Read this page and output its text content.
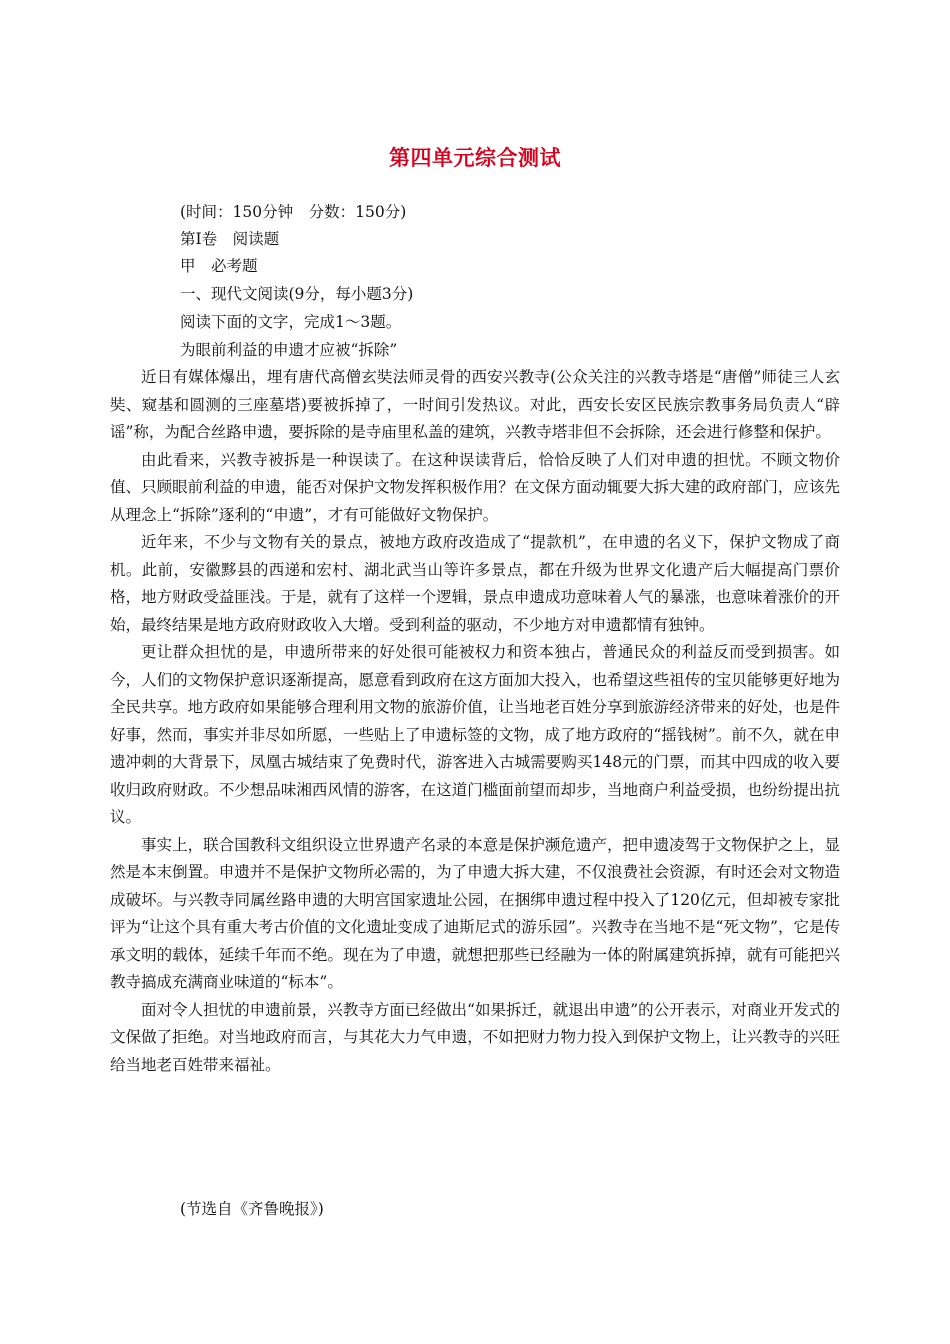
第四单元综合测试
(时间：150分钟　分数：150分)
第Ⅰ卷　阅读题
甲　必考题
一、现代文阅读(9分，每小题3分)
阅读下面的文字，完成1～3题。
为眼前利益的申遗才应被“拆除”

近日有媒体爆出，埋有唐代高僧玄奘法师灵骨的西安兴教寺(公众关注的兴教寺塔是“唐僧”师徒三人玄奘、窥基和圆测的三座墓塔)要被拆掉了，一时间引发热议。对此，西安长安区民族宗教事务局负责人“辟谣”称，为配合丝路申遗，要拆除的是寺庙里私盖的建筑，兴教寺塔非但不会拆除，还会进行修整和保护。

由此看来，兴教寺被拆是一种误读了。在这种误读背后，恰恰反映了人们对申遗的担忧。不顾文物价值、只顾眼前利益的申遗，能否对保护文物发挥积极作用？在文保方面动辄要大拆大建的政府部门，应该先从理念上“拆除”逐利的“申遗”，才有可能做好文物保护。

近年来，不少与文物有关的景点，被地方政府改造成了“提款机”，在申遗的名义下，保护文物成了商机。此前，安徽黟县的西递和宏村、湖北武当山等许多景点，都在升级为世界文化遗产后大幅提高门票价格，地方财政受益匪浅。于是，就有了这样一个逻辑，景点申遗成功意味着人气的暴涨，也意味着涨价的开始，最终结果是地方政府财政收入大增。受到利益的驱动，不少地方对申遗都情有独钟。

更让群众担忧的是，申遗所带来的好处很可能被权力和资本独占，普通民众的利益反而受到损害。如今，人们的文物保护意识逐渐提高，愿意看到政府在这方面加大投入，也希望这些祖传的宝贝能够更好地为全民共享。地方政府如果能够合理利用文物的旅游价值，让当地老百姓分享到旅游经济带来的好处，也是件好事，然而，事实并非尽如所愿，一些贴上了申遗标签的文物，成了地方政府的“摇钱树”。前不久，就在申遗冲刺的大背景下，凤凰古城结束了免费时代，游客进入古城需要购买148元的门票，而其中四成的收入要收归政府财政。不少想品味湘西风情的游客，在这道门槛面前望而却步，当地商户利益受损，也纷纷提出抗议。

事实上，联合国教科文组织设立世界遗产名录的本意是保护濒危遗产，把申遗凌驾于文物保护之上，显然是本末倒置。申遗并不是保护文物所必需的，为了申遗大拆大建，不仅浪费社会资源，有时还会对文物造成破坏。与兴教寺同属丝路申遗的大明宫国家遗址公园，在捆绑申遗过程中投入了120亿元，但却被专家批评为“让这个具有重大考古价值的文化遗址变成了迪斯尼式的游乐园”。兴教寺在当地不是“死文物”，它是传承文明的载体，延续千年而不绝。现在为了申遗，就想把那些已经融为一体的附属建筑拆掉，就有可能把兴教寺搞成充满商业味道的“标本”。

面对令人担忧的申遗前景，兴教寺方面已经做出“如果拆迁，就退出申遗”的公开表示，对商业开发式的文保做了拒绝。对当地政府而言，与其花大力气申遗，不如把财力物力投入到保护文物上，让兴教寺的兴旺给当地老百姓带来福祉。

(节选自《齐鲁晚报》)
